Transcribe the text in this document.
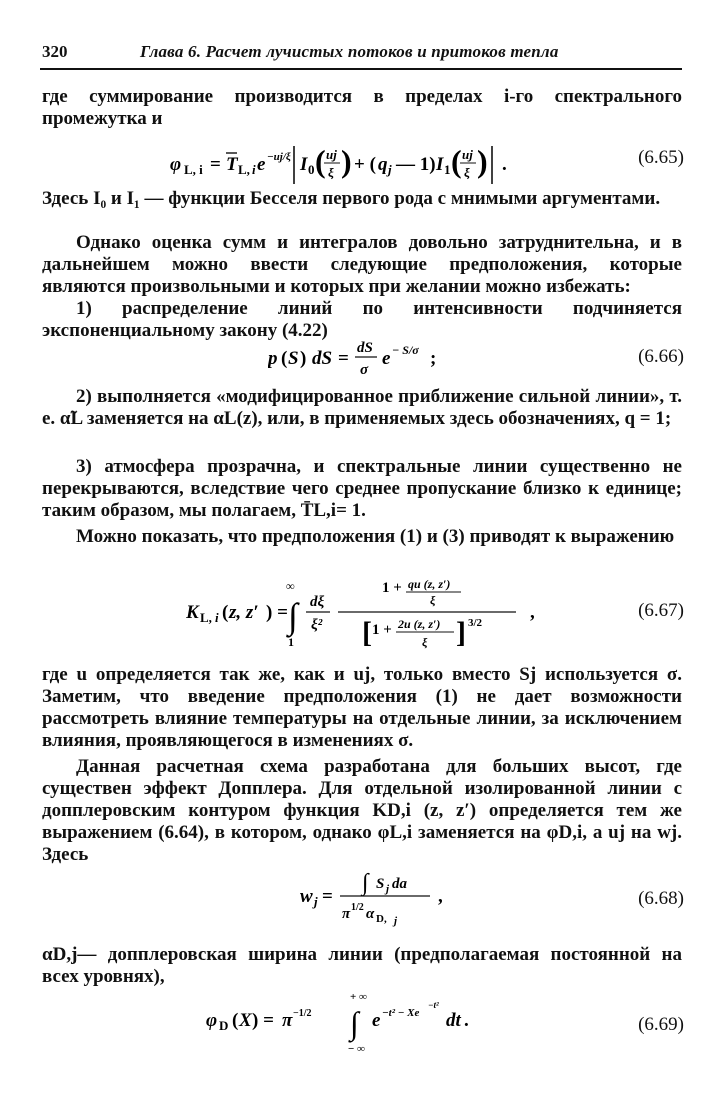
320	Глава 6. Расчет лучистых потоков и притоков тепла
где суммирование производится в пределах i-го спектрального промежутка и
φ L, i = T L, i e −uj/ξ I 0 ( uj
ξ ) + ( q j — 1) I 1 ( uj
ξ ) .	(6.65)
Здесь I₀ и I₁ — функции Бесселя первого рода с мнимыми аргументами.
Однако оценка сумм и интегралов довольно затруднительна, и в дальнейшем можно ввести следующие предположения, которые являются произвольными и которых при желании можно избежать:
1) распределение линий по интенсивности подчиняется экспоненциальному закону (4.22)
p ( S ) dS = dS
σ
e − S/σ ;	(6.66)
2) выполняется «модифицированное приближение сильной линии», т. е. α̃L заменяется на αL(z), или, в применяемых здесь обозначениях, q = 1;
3) атмосфера прозрачна, и спектральные линии существенно не перекрываются, вследствие чего среднее пропускание близко к единице; таким образом, мы полагаем, T̄L,i= 1.
Можно показать, что предположения (1) и (3) приводят к выражению
K L, i ( z, z′ ) =
∞
∫
1
dξ
ξ²
1 + qu (z, z′)
ξ
[ 1 + 2u (z, z′)
ξ ] 3/2	,	(6.67)
где u определяется так же, как и uj, только вместо Sj используется σ. Заметим, что введение предположения (1) не дает возможности рассмотреть влияние температуры на отдельные линии, за исключением влияния, проявляющегося в изменениях σ.
Данная расчетная схема разработана для больших высот, где существен эффект Допплера. Для отдельной изолированной линии с допплеровским контуром функция KD,i (z, z′) определяется тем же выражением (6.64), в котором, однако φL,i заменяется на φD,i, а uj на wj. Здесь
w j =
∫ S j da
π 1/2 α D, j
,	(6.68)
αD,j— допплеровская ширина линии (предполагаемая постоянной на всех уровнях),
φ D ( X ) = π −1/2
+ ∞
∫
− ∞
e −t² − Xe
−t²
dt .	(6.69)
